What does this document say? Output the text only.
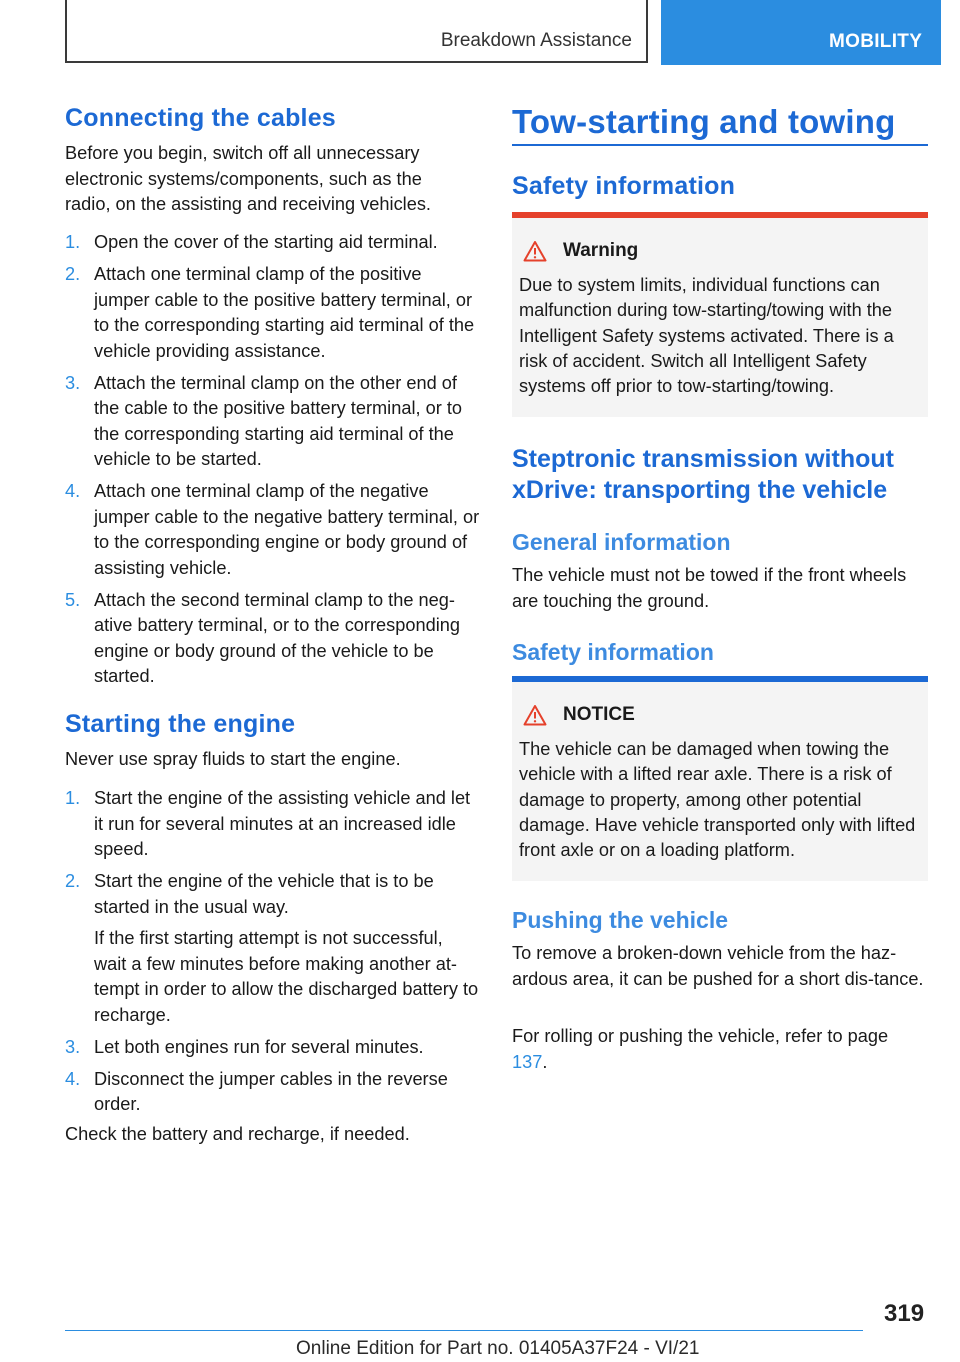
Breakdown Assistance	MOBILITY
Connecting the cables

Before you begin, switch off all unnecessary electronic systems/components, such as the radio, on the assisting and receiving vehicles.

1. Open the cover of the starting aid terminal.
2. Attach one terminal clamp of the positive jumper cable to the positive battery terminal, or to the corresponding starting aid terminal of the vehicle providing assistance.
3. Attach the terminal clamp on the other end of the cable to the positive battery terminal, or to the corresponding starting aid terminal of the vehicle to be started.
4. Attach one terminal clamp of the negative jumper cable to the negative battery terminal, or to the corresponding engine or body ground of assisting vehicle.
5. Attach the second terminal clamp to the neg-ative battery terminal, or to the corresponding engine or body ground of the vehicle to be started.
Starting the engine

Never use spray fluids to start the engine.

1. Start the engine of the assisting vehicle and let it run for several minutes at an increased idle speed.
2. Start the engine of the vehicle that is to be started in the usual way.
If the first starting attempt is not successful, wait a few minutes before making another at-tempt in order to allow the discharged battery to recharge.
3. Let both engines run for several minutes.
4. Disconnect the jumper cables in the reverse order.

Check the battery and recharge, if needed.

Tow-starting and towing
Safety information
Warning
Due to system limits, individual functions can malfunction during tow-starting/towing with the Intelligent Safety systems activated. There is a risk of accident. Switch all Intelligent Safety systems off prior to tow-starting/towing.
Steptronic transmission without xDrive: transporting the vehicle
General information

The vehicle must not be towed if the front wheels are touching the ground.

Safety information
NOTICE
The vehicle can be damaged when towing the vehicle with a lifted rear axle. There is a risk of damage to property, among other potential damage. Have vehicle transported only with lifted front axle or on a loading platform.
Pushing the vehicle

To remove a broken-down vehicle from the haz-ardous area, it can be pushed for a short dis-tance.

For rolling or pushing the vehicle, refer to page 137.

319
Online Edition for Part no. 01405A37F24 - VI/21
